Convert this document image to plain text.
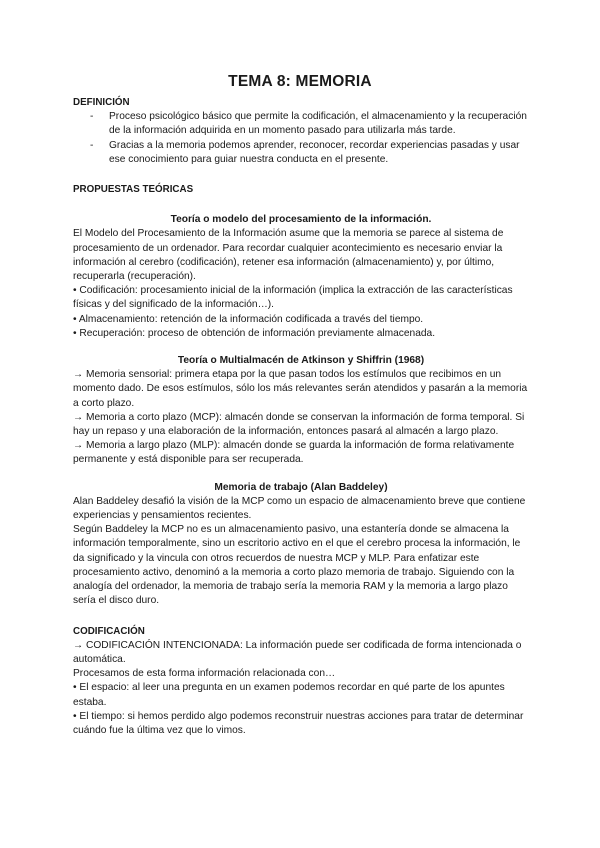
TEMA 8: MEMORIA
DEFINICIÓN
- Proceso psicológico básico que permite la codificación, el almacenamiento y la recuperación de la información adquirida en un momento pasado para utilizarla más tarde.
- Gracias a la memoria podemos aprender, reconocer, recordar experiencias pasadas y usar ese conocimiento para guiar nuestra conducta en el presente.
PROPUESTAS TEÓRICAS
Teoría o modelo del procesamiento de la información.

El Modelo del Procesamiento de la Información asume que la memoria se parece al sistema de procesamiento de un ordenador. Para recordar cualquier acontecimiento es necesario enviar la información al cerebro (codificación), retener esa información (almacenamiento) y, por último, recuperarla (recuperación).

• Codificación: procesamiento inicial de la información (implica la extracción de las características físicas y del significado de la información…).

• Almacenamiento: retención de la información codificada a través del tiempo.

• Recuperación: proceso de obtención de información previamente almacenada.

Teoría o Multialmacén de Atkinson y Shiffrin (1968)

→ Memoria sensorial: primera etapa por la que pasan todos los estímulos que recibimos en un momento dado. De esos estímulos, sólo los más relevantes serán atendidos y pasarán a la memoria a corto plazo.

→ Memoria a corto plazo (MCP): almacén donde se conservan la información de forma temporal. Si hay un repaso y una elaboración de la información, entonces pasará al almacén a largo plazo.

→ Memoria a largo plazo (MLP): almacén donde se guarda la información de forma relativamente permanente y está disponible para ser recuperada.

Memoria de trabajo (Alan Baddeley)

Alan Baddeley desafió la visión de la MCP como un espacio de almacenamiento breve que contiene experiencias y pensamientos recientes.

Según Baddeley la MCP no es un almacenamiento pasivo, una estantería donde se almacena la información temporalmente, sino un escritorio activo en el que el cerebro procesa la información, le da significado y la vincula con otros recuerdos de nuestra MCP y MLP. Para enfatizar este procesamiento activo, denominó a la memoria a corto plazo memoria de trabajo. Siguiendo con la analogía del ordenador, la memoria de trabajo sería la memoria RAM y la memoria a largo plazo sería el disco duro.

CODIFICACIÓN

→ CODIFICACIÓN INTENCIONADA: La información puede ser codificada de forma intencionada o automática.

Procesamos de esta forma información relacionada con…

• El espacio: al leer una pregunta en un examen podemos recordar en qué parte de los apuntes estaba.

• El tiempo: si hemos perdido algo podemos reconstruir nuestras acciones para tratar de determinar cuándo fue la última vez que lo vimos.
